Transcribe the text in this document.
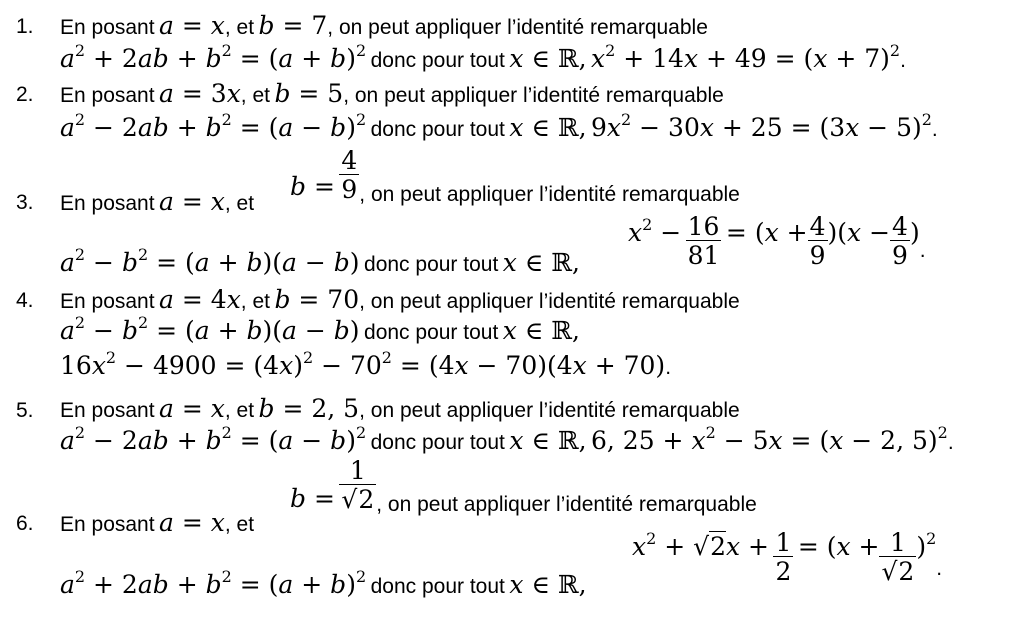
1. En posant a = x, et b = 7, on peut appliquer l’identité remarquable
$a^2 + 2ab + b^2 = (a + b)^2$ donc pour tout x ∈ ℝ, $x^2 + 14x + 49 = (x + 7)^2$.
2. En posant a = 3x, et b = 5, on peut appliquer l’identité remarquable
$a^2 - 2ab + b^2 = (a - b)^2$ donc pour tout x ∈ ℝ, $9x^2 - 30x + 25 = (3x - 5)^2$.
3. En posant a = x, et
$b = \frac{4}{9}$ , on peut appliquer l’identité remarquable
$a^2 - b^2 = (a + b)(a - b)$ donc pour tout x ∈ ℝ,
$x^2 - \frac{16}{81} = (x + \frac{4}{9} )(x - \frac{4}{9}$ ).
4. En posant a = 4x, et b = 70, on peut appliquer l’identité remarquable
$a^2 - b^2 = (a + b)(a - b)$ donc pour tout x ∈ ℝ,
$16x^2 - 4900 = (4x)^2 - 70^2 = (4x - 70)(4x + 70)$.
5. En posant a = x, et b = 2, 5, on peut appliquer l’identité remarquable
$a^2 - 2ab + b^2 = (a - b)^2$ donc pour tout x ∈ ℝ, 6, $25 + x^2 - 5x = (x - 2$, 5)$^2$.
6. En posant a = x, et
$b = \frac{1}{√2}$ , on peut appliquer l’identité remarquable
$a^2 + 2ab + b^2 = (a + b)^2$ donc pour tout x ∈ ℝ,
$x^2 + √2x + \frac{1}{2} = (x + \frac{1}{√2} )^2$.
